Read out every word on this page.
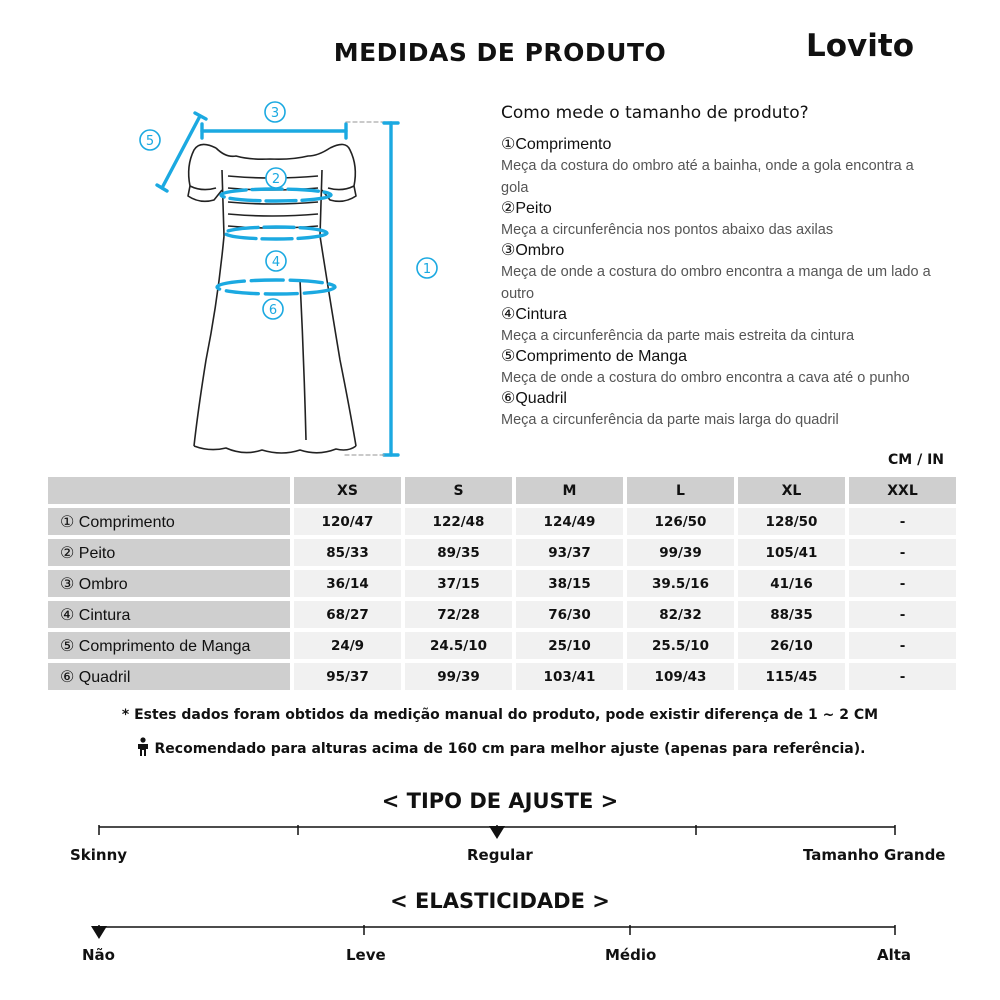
MEDIDAS DE PRODUTO	Lovito
3
5
1
2
4
6
Como mede o tamanho de produto?
①Comprimento
Meça da costura do ombro até a bainha, onde a gola encontra a gola
②Peito
Meça a circunferência nos pontos abaixo das axilas
③Ombro
Meça de onde a costura do ombro encontra a manga de um lado a outro
④Cintura
Meça a circunferência da parte mais estreita da cintura
⑤Comprimento de Manga
Meça de onde a costura do ombro encontra a cava até o punho
⑥Quadril
Meça a circunferência da parte mais larga do quadril
CM / IN
	XS	S	M	L	XL	XXL
① Comprimento	120/47	122/48	124/49	126/50	128/50	-
② Peito	85/33	89/35	93/37	99/39	105/41	-
③ Ombro	36/14	37/15	38/15	39.5/16	41/16	-
④ Cintura	68/27	72/28	76/30	82/32	88/35	-
⑤ Comprimento de Manga	24/9	24.5/10	25/10	25.5/10	26/10	-
⑥ Quadril	95/37	99/39	103/41	109/43	115/45	-
* Estes dados foram obtidos da medição manual do produto, pode existir diferença de 1 ~ 2 CM
Recomendado para alturas acima de 160 cm para melhor ajuste (apenas para referência).
< TIPO DE AJUSTE >
Skinny	Regular	Tamanho Grande
< ELASTICIDADE >
Não	Leve	Médio	Alta
